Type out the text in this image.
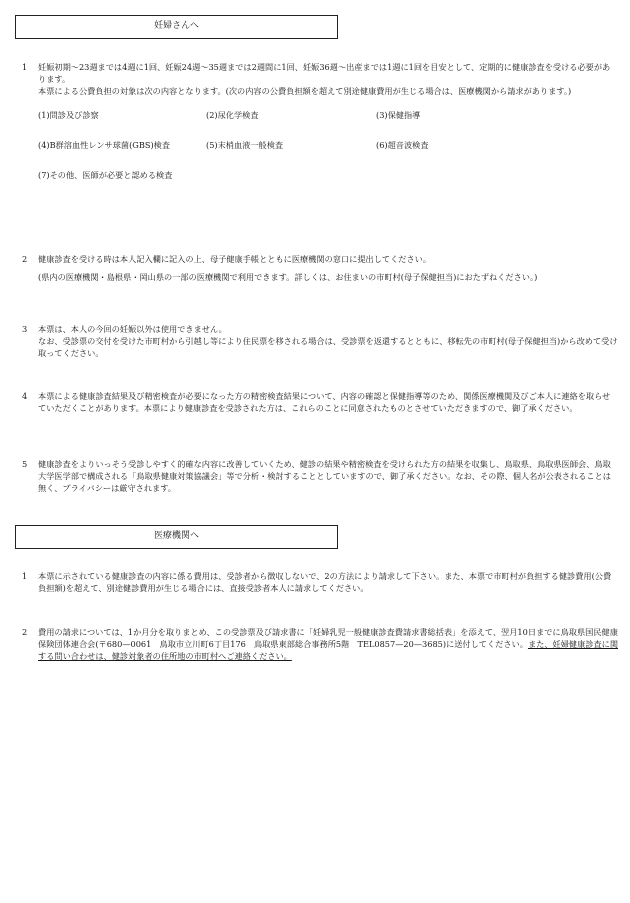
妊婦さんへ
1	妊娠初期～23週までは4週に1回、妊娠24週～35週までは2週間に1回、妊娠36週～出産までは1週に1回を目安として、定期的に健康診査を受ける必要があります。

本票による公費負担の対象は次の内容となります。(次の内容の公費負担額を超えて別途健康費用が生じる場合は、医療機関から請求があります。)

(1)問診及び診察	(2)尿化学検査	(3)保健指導
(4)B群溶血性レンサ球菌(GBS)検査	(5)末梢血液一般検査	(6)超音波検査
(7)その他、医師が必要と認める検査
2	健康診査を受ける時は本人記入欄に記入の上、母子健康手帳とともに医療機関の窓口に提出してください。

(県内の医療機関・島根県・岡山県の一部の医療機関で利用できます。詳しくは、お住まいの市町村(母子保健担当)におたずねください。)

3	本票は、本人の今回の妊娠以外は使用できません。

なお、受診票の交付を受けた市町村から引越し等により住民票を移される場合は、受診票を返還するとともに、移転先の市町村(母子保健担当)から改めて受け取ってください。

4	本票による健康診査結果及び精密検査が必要になった方の精密検査結果について、内容の確認と保健指導等のため、関係医療機関及びご本人に連絡を取らせていただくことがあります。本票により健康診査を受診された方は、これらのことに同意されたものとさせていただきますので、御了承ください。

5	健康診査をよりいっそう受診しやすく的確な内容に改善していくため、健診の結果や精密検査を受けられた方の結果を収集し、鳥取県、鳥取県医師会、鳥取大学医学部で構成される「鳥取県健康対策協議会」等で分析・検討することとしていますので、御了承ください。なお、その際、個人名が公表されることは無く、プライバシーは厳守されます。

医療機関へ
1	本票に示されている健康診査の内容に係る費用は、受診者から徴収しないで、2の方法により請求して下さい。また、本票で市町村が負担する健診費用(公費負担額)を超えて、別途健診費用が生じる場合には、直接受診者本人に請求してください。

2	費用の請求については、1か月分を取りまとめ、この受診票及び請求書に「妊婦乳児一般健康診査費請求書総括表」を添えて、翌月10日までに鳥取県国民健康保険団体連合会(〒680—0061　鳥取市立川町6丁目176　鳥取県東部総合事務所5階　TEL0857—20—3685)に送付してください。また、妊婦健康診査に関する問い合わせは、健診対象者の住所地の市町村へご連絡ください。
